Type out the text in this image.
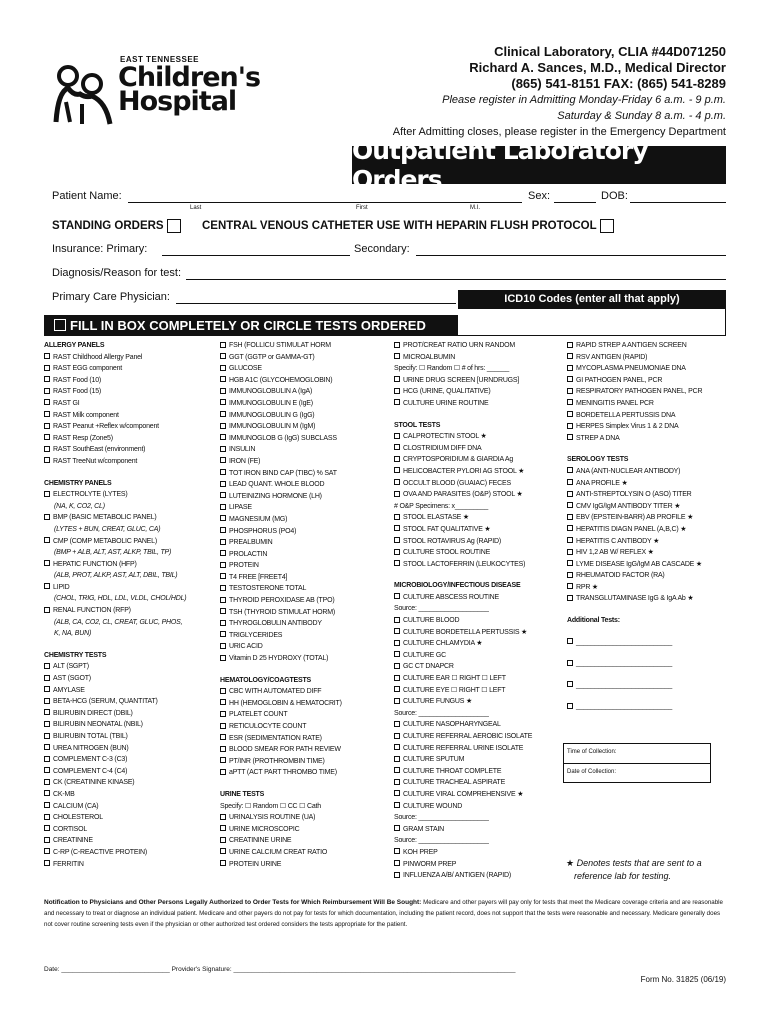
EAST TENNESSEE
Children's
Hospital
Clinical Laboratory, CLIA #44D071250
Richard A. Sances, M.D., Medical Director
(865) 541-8151 FAX: (865) 541-8289
Please register in Admitting Monday-Friday 6 a.m. - 9 p.m.
Saturday & Sunday 8 a.m. - 4 p.m.
After Admitting closes, please register in the Emergency Department
Outpatient Laboratory Orders
Patient Name:
Last	First	M.I.
Sex:	DOB:
STANDING ORDERS	CENTRAL VENOUS CATHETER USE WITH HEPARIN FLUSH PROTOCOL
Insurance: Primary:	Secondary:
Diagnosis/Reason for test:
Primary Care Physician:	ICD10 Codes (enter all that apply)
FILL IN BOX COMPLETELY OR CIRCLE TESTS ORDERED
ALLERGY PANELS
RAST Childhood Allergy Panel
RAST EGG component
RAST Food (10)
RAST Food (15)
RAST GI
RAST Milk component
RAST Peanut +Reflex w/component
RAST Resp (Zone5)
RAST SouthEast (environment)
RAST TreeNut w/component
CHEMISTRY PANELS
ELECTROLYTE (LYTES)
(NA, K, CO2, CL)
BMP (BASIC METABOLIC PANEL)
(LYTES + BUN, CREAT, GLUC, CA)
CMP (COMP METABOLIC PANEL)
(BMP + ALB, ALT, AST, ALKP, TBIL, TP)
HEPATIC FUNCTION (HFP)
(ALB, PROT, ALKP, AST, ALT, DBIL, TBIL)
LIPID
(CHOL, TRIG, HDL, LDL, VLDL, CHOL/HDL)
RENAL FUNCTION (RFP)
(ALB, CA, CO2, CL, CREAT, GLUC, PHOS,
K, NA, BUN)
CHEMISTRY TESTS
ALT (SGPT)
AST (SGOT)
AMYLASE
BETA-HCG (SERUM, QUANTITAT)
BILIRUBIN DIRECT (DBIL)
BILIRUBIN NEONATAL (NBIL)
BILIRUBIN TOTAL (TBIL)
UREA NITROGEN (BUN)
COMPLEMENT C-3 (C3)
COMPLEMENT C-4 (C4)
CK (CREATININE KINASE)
CK-MB
CALCIUM (CA)
CHOLESTEROL
CORTISOL
CREATININE
C-RP (C-REACTIVE PROTEIN)
FERRITIN
FSH (FOLLICU STIMULAT HORM
GGT (GGTP or GAMMA-GT)
GLUCOSE
HGB A1C (GLYCOHEMOGLOBIN)
IMMUNOGLOBULIN A (IgA)
IMMUNOGLOBULIN E (IgE)
IMMUNOGLOBULIN G (IgG)
IMMUNOGLOBULIN M (IgM)
IMMUNOGLOB G (IgG) SUBCLASS
INSULIN
IRON (FE)
TOT IRON BIND CAP (TIBC) % SAT
LEAD QUANT. WHOLE BLOOD
LUTEINIZING HORMONE (LH)
LIPASE
MAGNESIUM (MG)
PHOSPHORUS (PO4)
PREALBUMIN
PROLACTIN
PROTEIN
T4 FREE [FREET4]
TESTOSTERONE TOTAL
THYROID PEROXIDASE AB (TPO)
TSH (THYROID STIMULAT HORM)
THYROGLOBULIN ANTIBODY
TRIGLYCERIDES
URIC ACID
Vitamin D 25 HYDROXY (TOTAL)
HEMATOLOGY/COAGTESTS
CBC WITH AUTOMATED DIFF
HH (HEMOGLOBIN & HEMATOCRIT)
PLATELET COUNT
RETICULOCYTE COUNT
ESR (SEDIMENTATION RATE)
BLOOD SMEAR FOR PATH REVIEW
PT/INR (PROTHROMBIN TIME)
aPTT (ACT PART THROMBO TIME)
URINE TESTS
Specify: ☐ Random ☐ CC ☐ Cath
URINALYSIS ROUTINE (UA)
URINE MICROSCOPIC
CREATININE URINE
URINE CALCIUM CREAT RATIO
PROTEIN URINE
PROT/CREAT RATIO URN RANDOM
MICROALBUMIN
Specify: ☐ Random ☐ # of hrs: ______
URINE DRUG SCREEN [URNDRUGS]
HCG (URINE, QUALITATIVE)
CULTURE URINE ROUTINE
STOOL TESTS
CALPROTECTIN STOOL ★
CLOSTRIDIUM DIFF DNA
CRYPTOSPORIDIUM & GIARDIA Ag
HELICOBACTER PYLORI AG STOOL ★
OCCULT BLOOD (GUAIAC) FECES
OVA AND PARASITES (O&P) STOOL ★
# O&P Specimens: x_________
STOOL ELASTASE ★
STOOL FAT QUALITATIVE ★
STOOL ROTAVIRUS Ag (RAPID)
CULTURE STOOL ROUTINE
STOOL LACTOFERRIN (LEUKOCYTES)
MICROBIOLOGY/INFECTIOUS DISEASE
CULTURE ABSCESS ROUTINE
Source: ___________________
CULTURE BLOOD
CULTURE BORDETELLA PERTUSSIS ★
CULTURE CHLAMYDIA ★
CULTURE GC
GC CT DNAPCR
CULTURE EAR ☐ RIGHT ☐ LEFT
CULTURE EYE ☐ RIGHT ☐ LEFT
CULTURE FUNGUS ★
Source: ___________________
CULTURE NASOPHARYNGEAL
CULTURE REFERRAL AEROBIC ISOLATE
CULTURE REFERRAL URINE ISOLATE
CULTURE SPUTUM
CULTURE THROAT COMPLETE
CULTURE TRACHEAL ASPIRATE
CULTURE VIRAL COMPREHENSIVE ★
CULTURE WOUND
Source: ___________________
GRAM STAIN
Source: ___________________
KOH PREP
PINWORM PREP
INFLUENZA A/B/ ANTIGEN (RAPID)
RAPID STREP A ANTIGEN SCREEN
RSV ANTIGEN (RAPID)
MYCOPLASMA PNEUMONIAE DNA
GI PATHOGEN PANEL, PCR
RESPIRATORY PATHOGEN PANEL, PCR
MENINGITIS PANEL PCR
BORDETELLA PERTUSSIS DNA
HERPES Simplex Virus 1 & 2 DNA
STREP A DNA
SEROLOGY TESTS
ANA (ANTI-NUCLEAR ANTIBODY)
ANA PROFILE ★
ANTI-STREPTOLYSIN O (ASO) TITER
CMV IgG/IgM ANTIBODY TITER ★
EBV (EPSTEIN-BARR) AB PROFILE ★
HEPATITIS DIAGN PANEL (A,B,C) ★
HEPATITIS C ANTIBODY ★
HIV 1,2 AB W/ REFLEX ★
LYME DISEASE IgG/IgM AB CASCADE ★
RHEUMATOID FACTOR (RA)
RPR ★
TRANSGLUTAMINASE IgG & IgA Ab ★
Additional Tests:
__________________________
__________________________
__________________________
__________________________
Time of Collection:
Date of Collection:
★ Denotes tests that are sent to a
reference lab for testing.
Notification to Physicians and Other Persons Legally Authorized to Order Tests for Which Reimbursement Will Be Sought: Medicare and other payers will pay only for tests that meet the Medicare coverage criteria and are reasonable and necessary to treat or diagnose an individual patient. Medicare and other payers do not pay for tests for which documentation, including the patient record, does not support that the tests were reasonable and necessary. Medicare generally does not cover routine screening tests even if the physician or other authorized test ordered considers the tests appropriate for the patient.
Date: ______________________________ Provider's Signature: ______________________________________________________________________________
Form No. 31825 (06/19)
